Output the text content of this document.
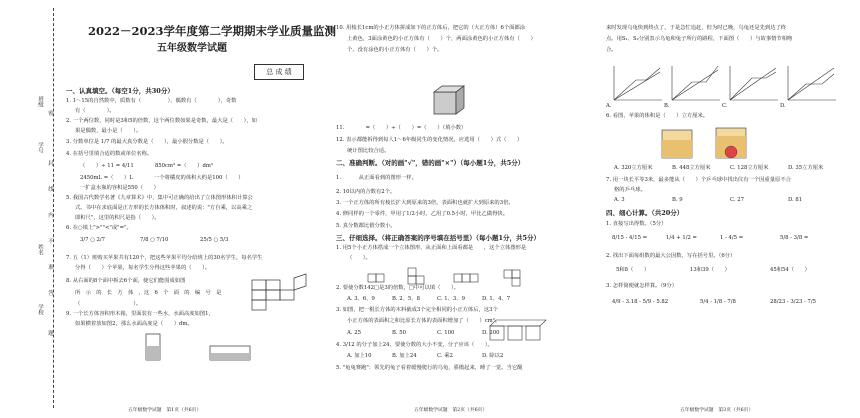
班级
学号
姓名
学校
密
封
线
内
不
准
答
题
2022－2023学年度第二学期期末学业质量监测
五年级数学试题
总 成 绩
一、认真填空。（每空1分，共30分）
1. 1～15的自然数中，质数有（　　　　　），偶数有（　　　　），奇数
有（　　　　）。
2. 一个两位数，同时是3和5的倍数，这个两位数如果是奇数，最大是（　　），如
果是偶数，最小是（　　）。
3. 分数单位是 1/7 的最大真分数是（　　），最小假分数是（　　）。
4. 在括号里填合适的数或单位名称。
（　　）÷ 11 = 4/11　　　　850cm³ =（　　）dm³
2450mL =（　　）L　　　　一个将橘皮的体积大约是100（　　）
一扩盒水瓶的容积是550（　　）
5. 我国古代数学名著《九章算术》中，集中可正确的给出了立体图形体积计算公
式。书中在求底面是正方形的长方体体积时，叙述的说："方自乘，以高乘之
即积尺"，这里的积尺是指（　　）。
6. 在○填上">""<"或"="。
3/7 ○ 2/7	7/8 ○ 7/10	25/5 ○ 5/3
7. 五（1）班购买苹果共有120个，把这些苹果平均分给班上的30名学生，每名学生
分得（　　）个苹果，每名学生分得这些苹果的（　　）。
8. 从右面的8个面中拆去6个面，使它们能围成如图
所　示　的　长　方　体　，这　6　个　面　的　编　号　是
（　　　　　　　　　　）。
9. 一个长方体容积形木箱，里面装有一些水，水面高度如图1，
如果横着放如图2，那么水面高度是（　　）dm。
五年级数学试题　第1页（共6页）
10. 用棱长1cm的小正方体拼成如下的正方体后，把它的（大正方体）6个面都涂
上黄色，3面涂黄色的小正方体有（　　）个，两面涂黄色的小正方体有（　　）
个，没有涂色的小正方体有（　　）个。
11.　　　　=（　　）÷（　　）=（　　）（填小数）
12. 表示都能拆得到每人1～6年级同生的变化情况，应选用（　　）式（　　）
统计图比较合适。
二、准确判断。（对的画"√"，错的画"×"）（每小题1分，共5分）
1. 　　　从正面看到的图形一样。
2. 10以内的合数有2个。
3. 一个正方体的所有棱长扩大到原来的3倍，表面积也就扩大到原来的3倍。
4. 修同样的一个零件，甲用了1/2小时，乙用了0.5小时，甲比乙做得快。
5. 真分数都比假分数小。
三、仔细选择。（将正确答案的序号填在括号里）（每小题1分，共5分）
1. 用5个小正方体搭成一个立体图形，从正面和上面看都是　　，这个立体图形是
（　　）。
2. 要使分数142□是3的倍数，□中可以填（　　）。
A. 3、6、9	B. 2、5、8	C. 1、3、9	D. 1、4、7
3. 如图，把一根长方体的木料截成3个完全相同的小正方体后，这3个
小正方体的表面积之和比原长方体的表面积增加了（　　）cm²。
A. 25	B. 50	C. 100	D. 200
4. 3/12 的分子加上24，要使分数的大小不变，分子应该（　　）。
A. 加上10	B. 加上24	C. 乘2	D. 除以2
5. "龟兔赛跑"：领先的兔子看着缓慢爬行的乌龟，骄傲起来，睡了一觉。当它醒
五年级数学试题　第2页（共6页）
来时发现乌龟快到终点了，于是急忙追赶，但为时已晚，乌龟还是先到达了终
点。用S₁、S₂分别表示乌龟和兔子所行的路程，下面图（　　）与故事情节相吻
合。
A.	B.	C.	D.
6. 看图，苹果的体积是（　　）立方厘米。
A. 320立方厘米	B. 448立方厘米	C. 128立方厘米	D. 35立方厘米
7. 用一块长平等3米，最多能从（　　）个乒乓球中找出仪有一个因重量原不合
格的乒乓球。
A. 3	B. 9	C. 27	D. 81
四、细心计算。（共20分）
1. 直接写出得数。（5分）
8/15 - 4/15 =	1/4 + 1/2 =	1 - 4/5 =	5/8 - 3/8 =
2. 找出下面每组数的最大公因数，写在括号里。（6分）
5和8（　　）	13和39（　　）	45和54（　　）
3. 怎样简便就怎样算。（9分）
4/9 - 3.18 - 5/9 - 5.82	5/4 - 1/8 - 7/8	28/23 - 3/23 - 7/5
五年级数学试题　第3页（共6页）
